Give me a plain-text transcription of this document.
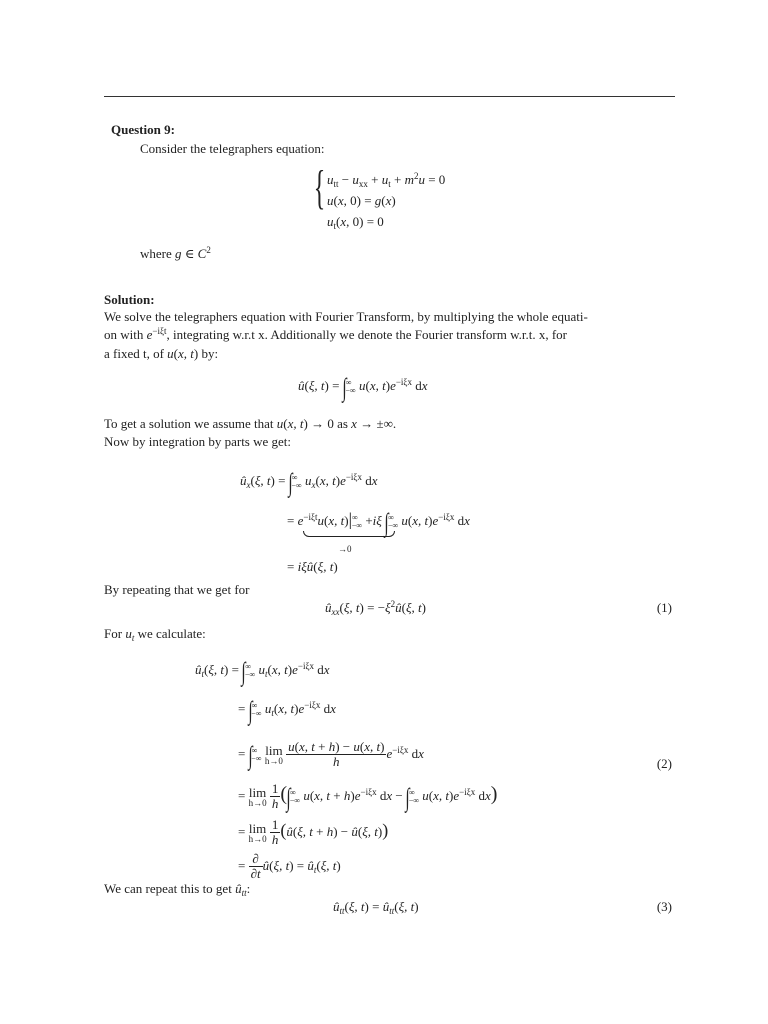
Question 9:
Consider the telegraphers equation:
{ $u_{tt} - u_{xx} + u_t + m^2u = 0$
u(x, 0) = g(x)
$u_t(x$, 0) = 0
where g ∈ $C^2$
Solution:
We solve the telegraphers equation with Fourier Transform, by multiplying the whole equati-
on with $e^{-i\xi t}$, integrating w.r.t x. Additionally we denote the Fourier transform w.r.t. x, for
a fixed t, of u(x, t) by:
û(ξ, $t) = \int^\infty_{-\infty}$ u(x, $t)e^{-i\xi x}$ dx
To get a solution we assume that u(x, t) → 0 as x → ±∞.
Now by integration by parts we get:
$û_x(\xi$, $t) = \int^\infty_{-\infty}$ $u_x(x$, $t)e^{-i\xi x}$ dx
= $e^{-i\xi t}u(x$, $t)|^\infty_{-\infty} +i\xi$ $\int^\infty_{-\infty}$ u(x, $t)e^{-i\xi x}$ dx
→0
= iξû(ξ, t)
By repeating that we get for
$û_{xx}(\xi$, $t) = -\xi^2û(\xi$, t)	(1)
For $u_t$ we calculate:
$û_t(\xi$, $t) = \int^\infty_{-\infty}$ $u_t(x$, $t)e^{-i\xi x}$ dx
= $\int^\infty_{-\infty}$ $u_t(x$, $t)e^{-i\xi x}$ dx
= $\int^\infty_{-\infty}$ lim
h→0
$\frac{u(x, t + h) - u(x, t)}{h} e^{-i\xi x}$ dx
(2)
= lim
h→0
$\frac{1}{h} (\int^\infty_{-\infty}$ u(x, $t + h)e^{-i\xi x}$ dx − $\int^\infty_{-\infty}$ u(x, $t)e^{-i\xi x}$ dx)
= lim
h→0
$\frac{1}{h}$ (û(ξ, t + h) − û(ξ, t))
= $\frac{\partial}{\partial t}$ û(ξ, $t) = û_t(\xi$, t)
We can repeat this to get $û_{tt}$:
$û_{tt}(\xi$, $t) = û_{tt}(\xi$, t)	(3)
